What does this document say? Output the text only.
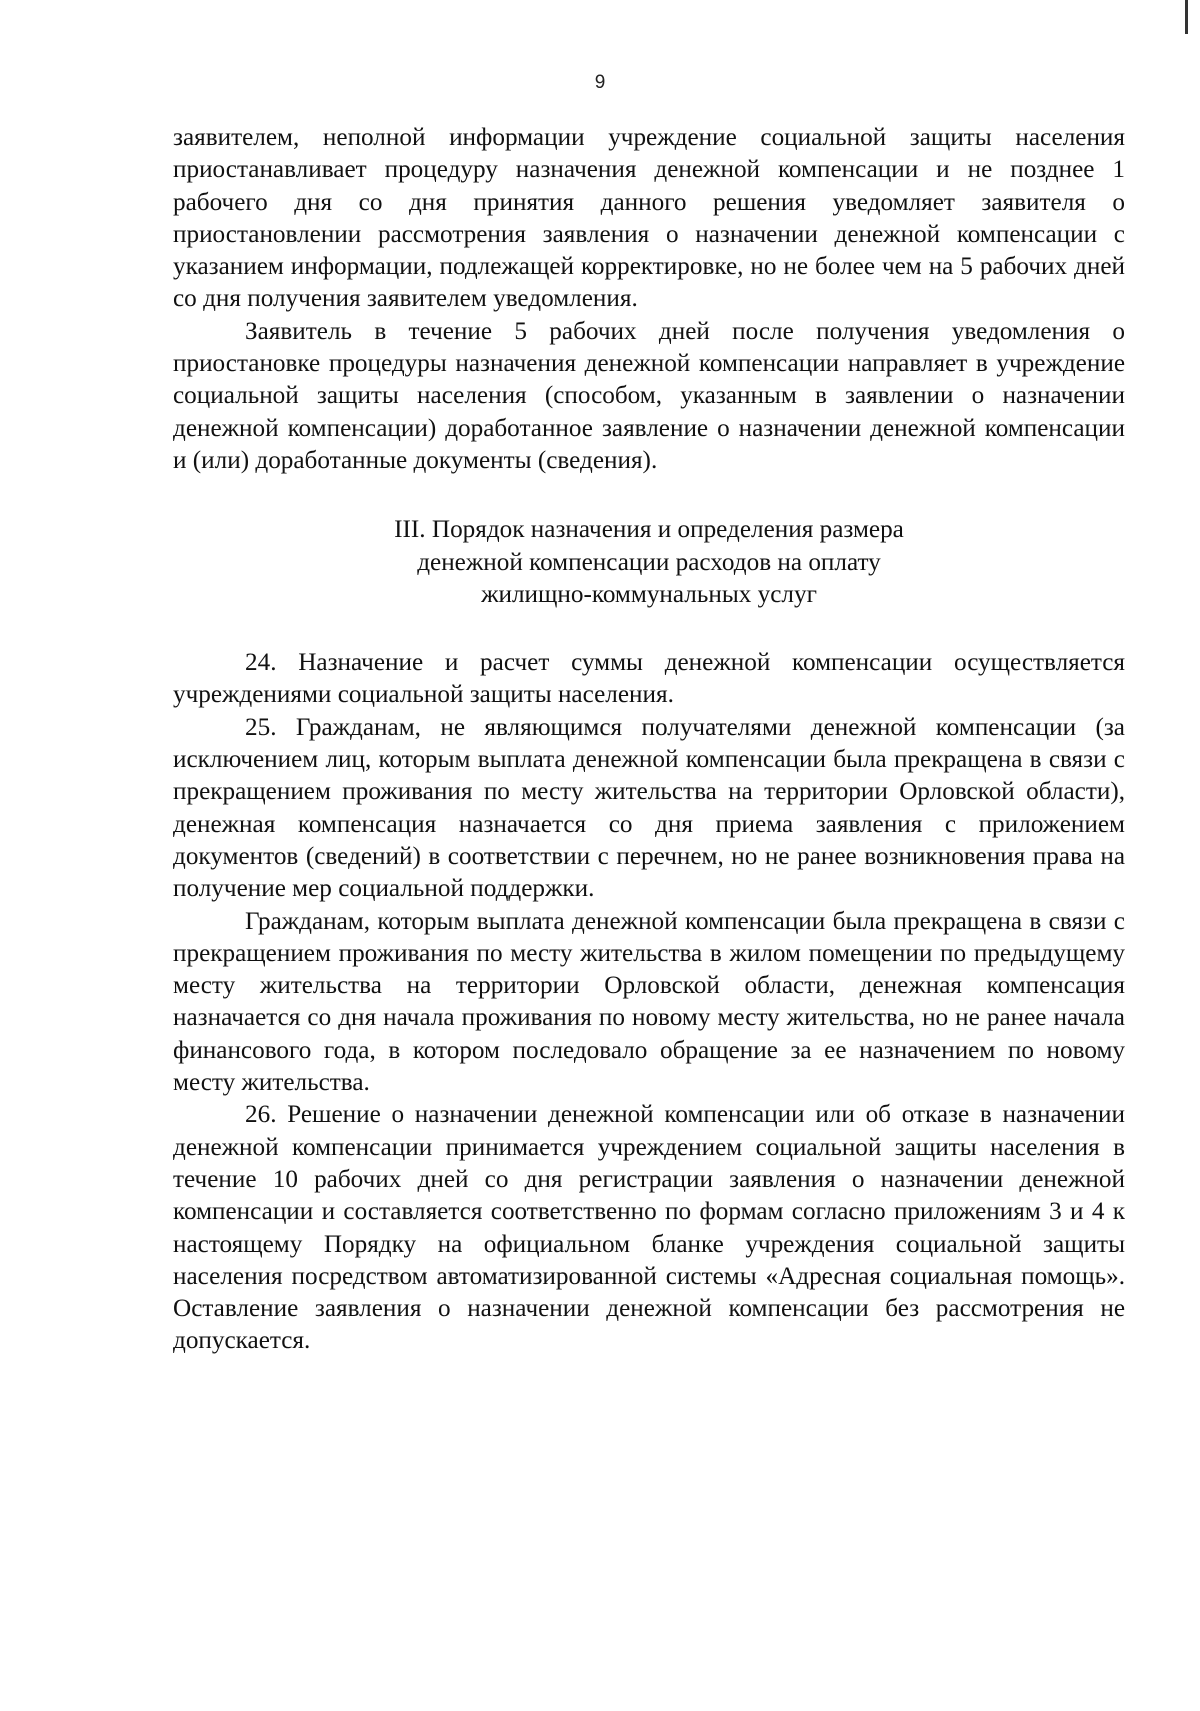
9

заявителем, неполной информации учреждение социальной защиты населения приостанавливает процедуру назначения денежной компенсации и не позднее 1 рабочего дня со дня принятия данного решения уведомляет заявителя о приостановлении рассмотрения заявления о назначении денежной компенсации с указанием информации, подлежащей корректировке, но не более чем на 5 рабочих дней со дня получения заявителем уведомления.

Заявитель в течение 5 рабочих дней после получения уведомления о приостановке процедуры назначения денежной компенсации направляет в учреждение социальной защиты населения (способом, указанным в заявлении о назначении денежной компенсации) доработанное заявление о назначении денежной компенсации и (или) доработанные документы (сведения).

III. Порядок назначения и определения размера
денежной компенсации расходов на оплату
жилищно-коммунальных услуг

24. Назначение и расчет суммы денежной компенсации осуществляется учреждениями социальной защиты населения.

25. Гражданам, не являющимся получателями денежной компенсации (за исключением лиц, которым выплата денежной компенсации была прекращена в связи с прекращением проживания по месту жительства на территории Орловской области), денежная компенсация назначается со дня приема заявления с приложением документов (сведений) в соответствии с перечнем, но не ранее возникновения права на получение мер социальной поддержки.

Гражданам, которым выплата денежной компенсации была прекращена в связи с прекращением проживания по месту жительства в жилом помещении по предыдущему месту жительства на территории Орловской области, денежная компенсация назначается со дня начала проживания по новому месту жительства, но не ранее начала финансового года, в котором последовало обращение за ее назначением по новому месту жительства.

26. Решение о назначении денежной компенсации или об отказе в назначении денежной компенсации принимается учреждением социальной защиты населения в течение 10 рабочих дней со дня регистрации заявления о назначении денежной компенсации и составляется соответственно по формам согласно приложениям 3 и 4 к настоящему Порядку на официальном бланке учреждения социальной защиты населения посредством автоматизированной системы «Адресная социальная помощь». Оставление заявления о назначении денежной компенсации без рассмотрения не допускается.
